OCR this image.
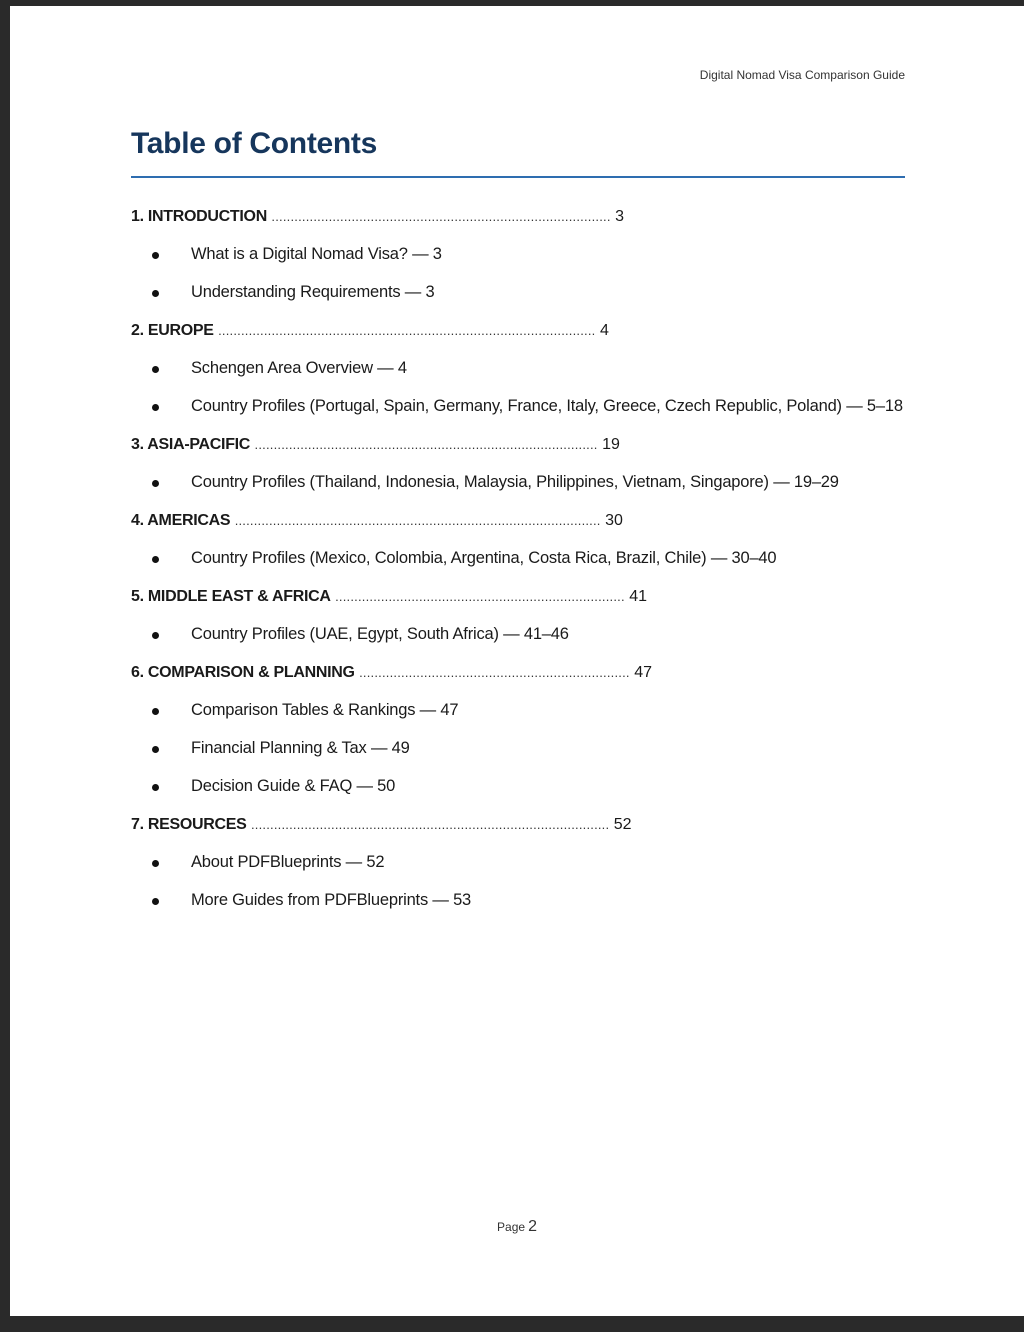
Digital Nomad Visa Comparison Guide
Table of Contents
1. INTRODUCTION ......................................................................................... 3
What is a Digital Nomad Visa? — 3
Understanding Requirements — 3
2. EUROPE ................................................................................................... 4
Schengen Area Overview — 4
Country Profiles (Portugal, Spain, Germany, France, Italy, Greece, Czech Republic, Poland) — 5–18
3. ASIA-PACIFIC .......................................................................................... 19
Country Profiles (Thailand, Indonesia, Malaysia, Philippines, Vietnam, Singapore) — 19–29
4. AMERICAS ................................................................................................ 30
Country Profiles (Mexico, Colombia, Argentina, Costa Rica, Brazil, Chile) — 30–40
5. MIDDLE EAST & AFRICA ............................................................................ 41
Country Profiles (UAE, Egypt, South Africa) — 41–46
6. COMPARISON & PLANNING ....................................................................... 47
Comparison Tables & Rankings — 47
Financial Planning & Tax — 49
Decision Guide & FAQ — 50
7. RESOURCES .............................................................................................. 52
About PDFBlueprints — 52
More Guides from PDFBlueprints — 53
Page 2
